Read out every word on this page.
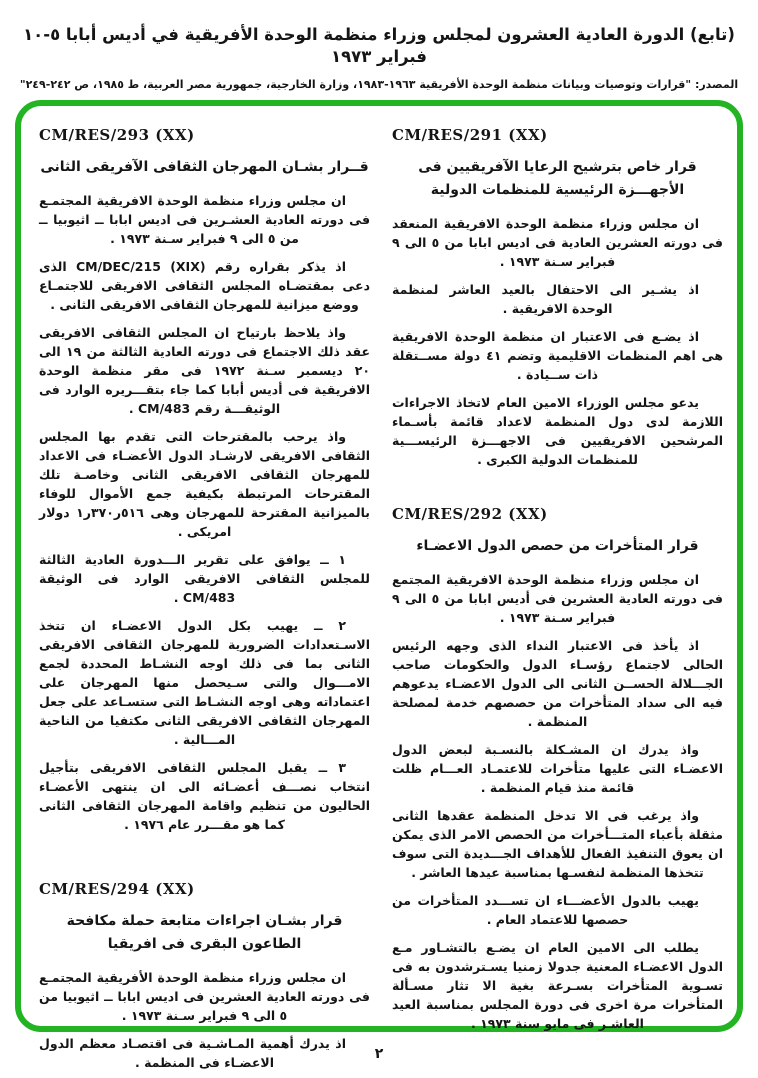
(تابع) الدورة العادية العشرون لمجلس وزراء منظمة الوحدة الأفريقية في أديس أبابا ٥-١٠ فبراير ١٩٧٣
المصدر: "قرارات وتوصيات وبيانات منظمة الوحدة الأفريقية ١٩٦٣-١٩٨٣، وزارة الخارجية، جمهورية مصر العربية، ط ١٩٨٥، ص ٢٤٢-٢٤٩"
CM/RES/291 (XX)
قرار خاص بترشيح الرعايا الآفريقيين فى
الأجهـــزة الرئيسية للمنظمات الدولية

ان مجلس وزراء منظمة الوحدة الافريقية المنعقد فى دورته العشرين العادية فى اديس ابابا من ٥ الى ٩ فبراير سـنة ١٩٧٣ .

اذ يشـير الى الاحتفال بالعيد العاشر لمنظمة الوحدة الافريقية .

اذ يضـع فى الاعتبار ان منظمة الوحدة الافريقية هى اهم المنظمات الاقليمية وتضم ٤١ دولة مســتقلة ذات ســيادة .

يدعو مجلس الوزراء الامين العام لاتخاذ الاجراءات اللازمة لدى دول المنظمة لاعداد قائمة بأسـماء المرشحين الافريقيين فى الاجهـــزة الرئيســـية للمنظمات الدولية الكبرى .

CM/RES/292 (XX)
قرار المتأخرات من حصص الدول الاعضـاء

ان مجلس وزراء منظمة الوحدة الافريقية المجتمع فى دورته العادية العشرين فى أديس ابابا من ٥ الى ٩ فبراير سـنة ١٩٧٣ .

اذ يأخذ فى الاعتبار النداء الذى وجهه الرئيس الحالى لاجتماع رؤسـاء الدول والحكومات صاحب الجـــلالة الحســن الثانى الى الدول الاعضـاء يدعوهم فيه الى سداد المتأخرات من حصصهم خدمة لمصلحة المنظمة .

واذ يدرك ان المشـكلة بالنسـبة لبعض الدول الاعضـاء التى عليها متأخرات للاعتمـاد العـــام ظلت قائمة منذ قيام المنظمة .

واذ يرغب فى الا تدخل المنظمة عقدها الثانى مثقلة بأعباء المتـــأخرات من الحصص الامر الذى يمكن ان يعوق التنفيذ الفعال للأهداف الجـــديدة التى سوف تتخذها المنظمة لنفسـها بمناسبة عيدها العاشر .

يهيب بالدول الأعضـــاء ان تســـدد المتأخرات من حصصها للاعتماد العام .

يطلب الى الامين العام ان يضـع بالتشـاور مـع الدول الاعضـاء المعنية جدولا زمنيا يسـترشدون به فى تسـوية المتأخرات بسـرعة بغية الا تثار مسـألة المتأخرات مرة اخرى فى دورة المجلس بمناسبة العيد العاشـر فى مايو سنة ١٩٧٣ .

CM/RES/293 (XX)
قــرار بشـان المهرجان الثقافى الآفريقى الثانى

ان مجلس وزراء منظمة الوحدة الافريقية المجتمـع فى دورته العادية العشـرين فى اديس ابابا ــ اثيوبيا ــ من ٥ الى ٩ فبراير سـنة ١٩٧٣ .

اذ يذكر بقراره رقم CM/DEC/215 (XIX) الذى دعى بمقتضـاه المجلس الثقافى الافريقى للاجتمـاع ووضع ميزانية للمهرجان الثقافى الافريقى الثانى .

واذ يلاحظ بارتياح ان المجلس الثقافى الافريقى عقد ذلك الاجتماع فى دورته العادية الثالثة من ١٩ الى ٢٠ ديسمبر سـنة ١٩٧٢ فى مقر منظمة الوحدة الافريقية فى أديس أبابا كما جاء بتقـــريره الوارد فى الوثيقـــة رقم CM/483 .

واذ يرحب بالمقترحات التى تقدم بها المجلس الثقافى الافريقى لارشـاد الدول الأعضـاء فى الاعداد للمهرجان الثقافى الافريقى الثانى وخاصـة تلك المقترحات المرتبطة بكيفية جمع الأموال للوفاء بالميزانية المقترحة للمهرجان وهى ٥١٦ر٣٧٠ر١ دولار امريكى .

١ ــ يوافق على تقرير الـــدورة العادية الثالثة للمجلس الثقافى الافريقى الوارد فى الوثيقة CM/483 .

٢ ــ يهيب بكل الدول الاعضـاء ان تتخذ الاسـتعدادات الضرورية للمهرجان الثقافى الافريقى الثانى بما فى ذلك اوجه النشـاط المحددة لجمع الامـــوال والتى سـيحصل منها المهرجان على اعتماداته وهى اوجه النشـاط التى ستسـاعد على جعل المهرجان الثقافى الافريقى الثانى مكتفيا من الناحية المـــالية .

٣ ــ يقبل المجلس الثقافى الافريقى بتأجيل انتخاب نصـــف أعضـائه الى ان ينتهى الأعضـاء الحاليون من تنظيم واقامة المهرجان الثقافى الثانى كما هو مقـــرر عام ١٩٧٦ .

CM/RES/294 (XX)
قرار بشـان اجراءات متابعة حملة مكافحة
الطاعون البقرى فى افريقيا

ان مجلس وزراء منظمة الوحدة الأفريقية المجتمـع فى دورته العادية العشرين فى اديس ابابا ــ اثيوبيا من ٥ الى ٩ فبراير سـنة ١٩٧٣ .

اذ يدرك أهمية المـاشـية فى اقتصـاد معظم الدول الاعضـاء فى المنظمة .

٢
